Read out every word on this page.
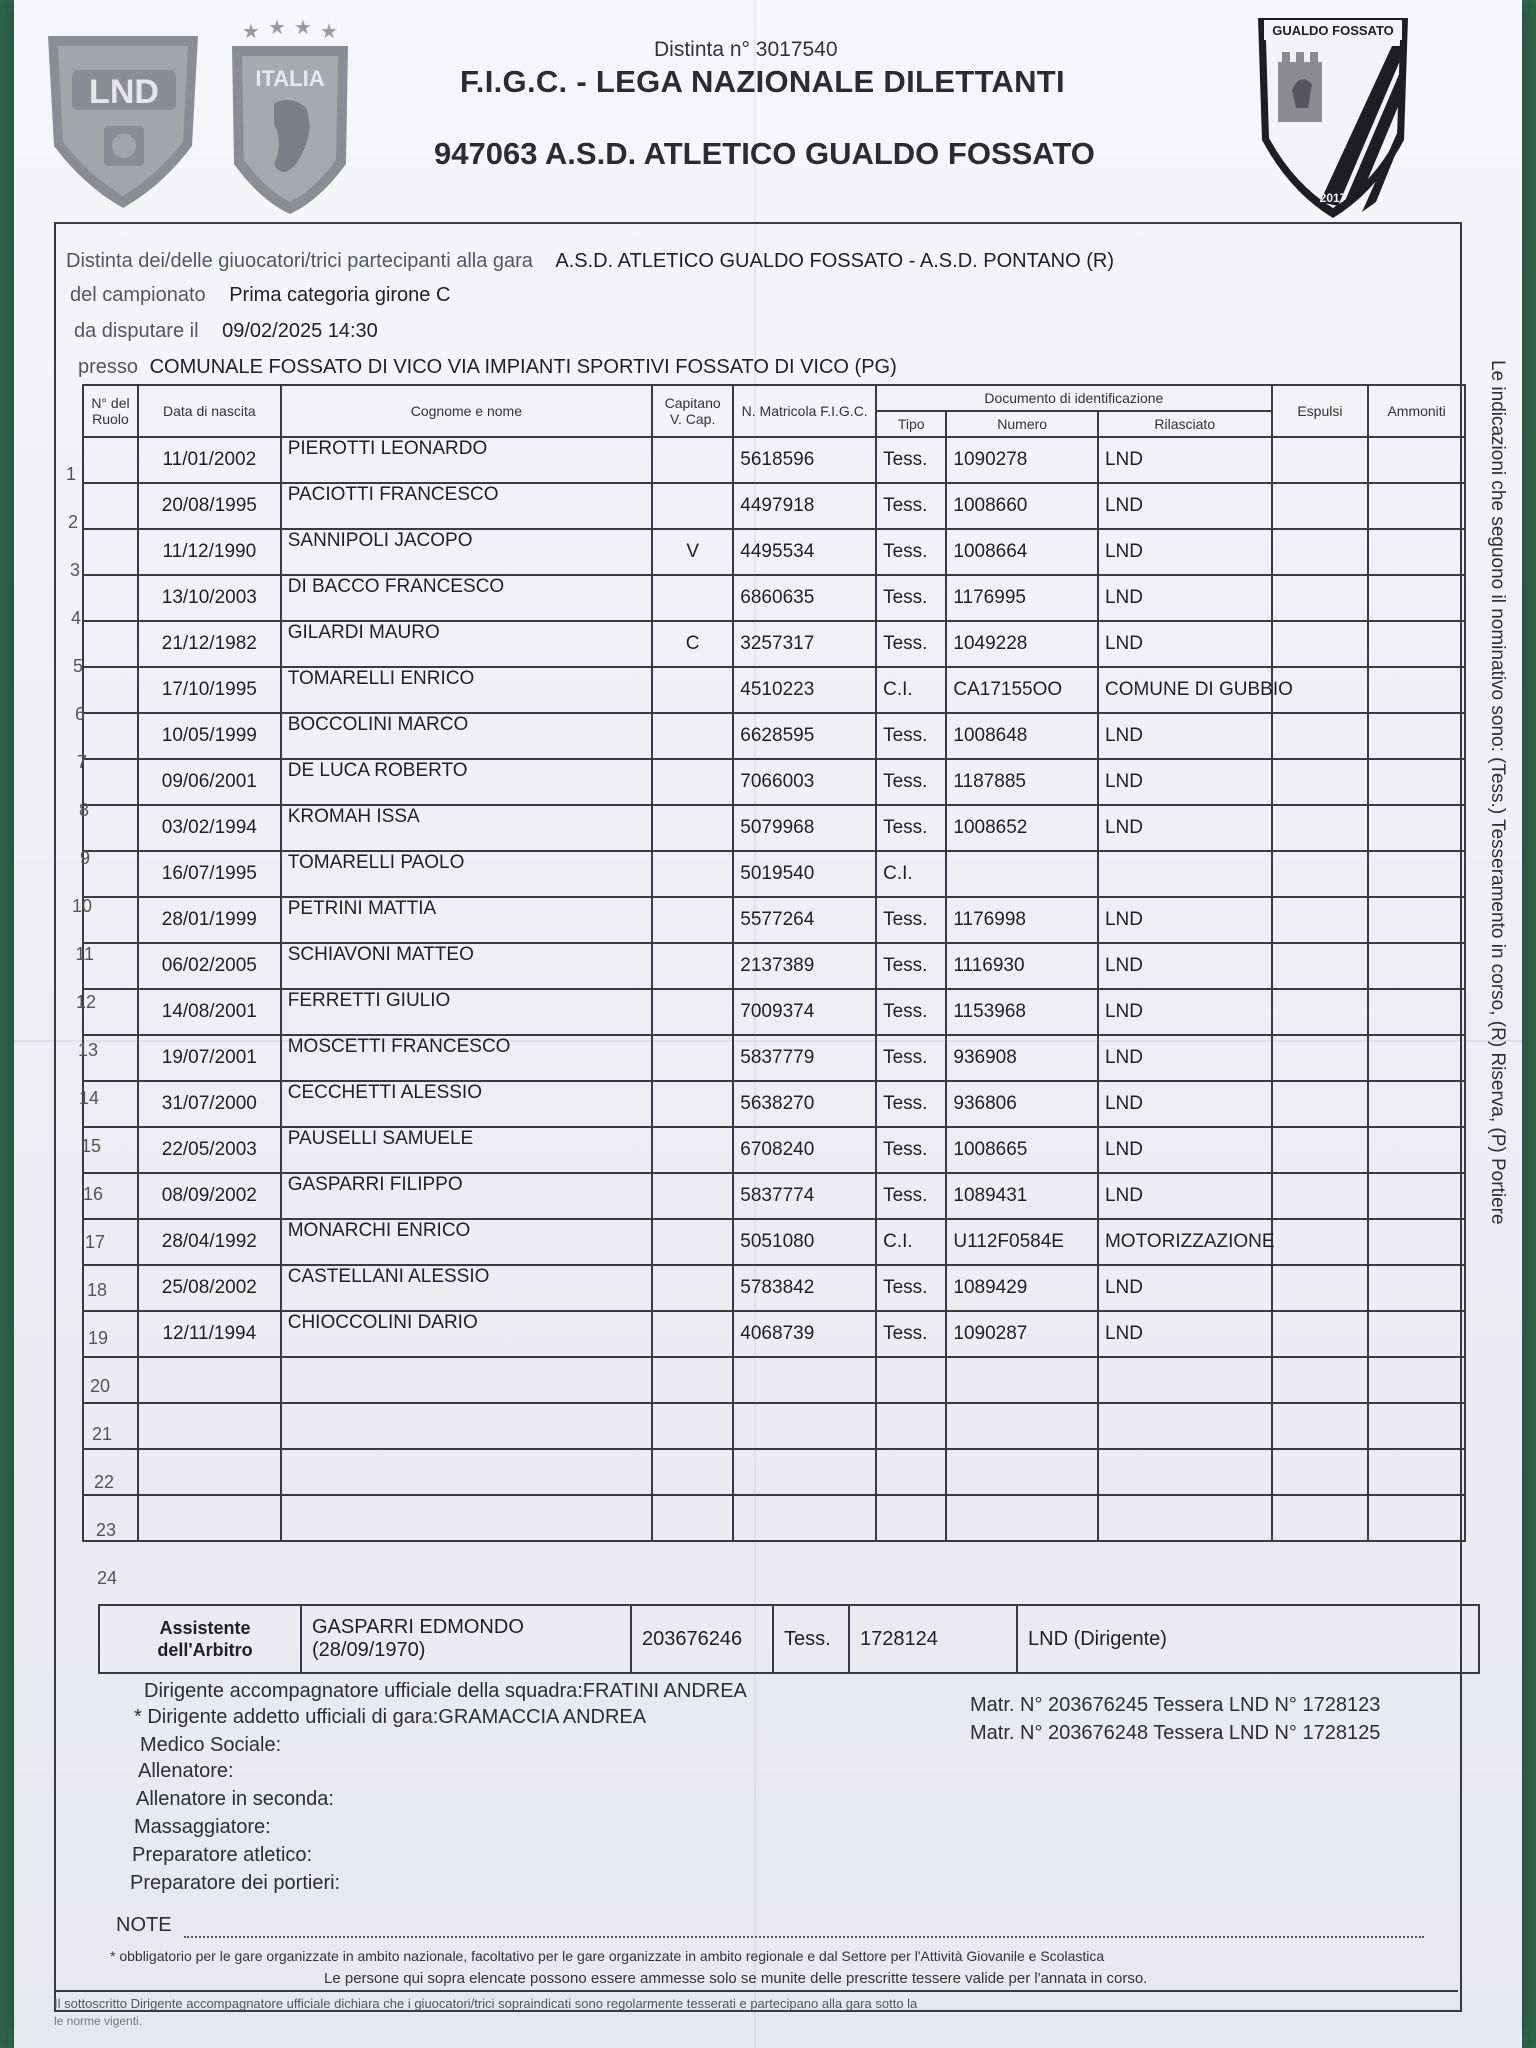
LND
★ ★ ★ ★
ITALIA
GUALDO FOSSATO
2017
Distinta n° 3017540
F.I.G.C. - LEGA NAZIONALE DILETTANTI
947063 A.S.D. ATLETICO GUALDO FOSSATO
Distinta dei/delle giuocatori/trici partecipanti alla gara A.S.D. ATLETICO GUALDO FOSSATO - A.S.D. PONTANO (R)
del campionato Prima categoria girone C
da disputare il 09/02/2025 14:30
presso COMUNALE FOSSATO DI VICO VIA IMPIANTI SPORTIVI FOSSATO DI VICO (PG)
N° del Ruolo	Data di nascita	Cognome e nome	Capitano V. Cap.	N. Matricola F.I.G.C.	Documento di identificazione			Espulsi	Ammoniti
					Tipo	Numero	Rilasciato		
	11/01/2002	PIEROTTI LEONARDO		5618596	Tess.	1090278	LND		
	20/08/1995	PACIOTTI FRANCESCO		4497918	Tess.	1008660	LND		
	11/12/1990	SANNIPOLI JACOPO	V	4495534	Tess.	1008664	LND		
	13/10/2003	DI BACCO FRANCESCO		6860635	Tess.	1176995	LND		
	21/12/1982	GILARDI MAURO	C	3257317	Tess.	1049228	LND		
	17/10/1995	TOMARELLI ENRICO		4510223	C.I.	CA17155OO	COMUNE DI GUBBIO		
	10/05/1999	BOCCOLINI MARCO		6628595	Tess.	1008648	LND		
	09/06/2001	DE LUCA ROBERTO		7066003	Tess.	1187885	LND		
	03/02/1994	KROMAH ISSA		5079968	Tess.	1008652	LND		
	16/07/1995	TOMARELLI PAOLO		5019540	C.I.				
	28/01/1999	PETRINI MATTIA		5577264	Tess.	1176998	LND		
	06/02/2005	SCHIAVONI MATTEO		2137389	Tess.	1116930	LND		
	14/08/2001	FERRETTI GIULIO		7009374	Tess.	1153968	LND		
	19/07/2001	MOSCETTI FRANCESCO		5837779	Tess.	936908	LND		
	31/07/2000	CECCHETTI ALESSIO		5638270	Tess.	936806	LND		
	22/05/2003	PAUSELLI SAMUELE		6708240	Tess.	1008665	LND		
	08/09/2002	GASPARRI FILIPPO		5837774	Tess.	1089431	LND		
	28/04/1992	MONARCHI ENRICO		5051080	C.I.	U112F0584E	MOTORIZZAZIONE		
	25/08/2002	CASTELLANI ALESSIO		5783842	Tess.	1089429	LND		
	12/11/1994	CHIOCCOLINI DARIO		4068739	Tess.	1090287	LND		

1
2
3
4
5
6
7
8
9
10
11
12
13
14
15
16
17
18
19
20
21
22
23
24
Assistente dell'Arbitro
GASPARRI EDMONDO (28/09/1970)
203676246	Tess.	1728124	LND (Dirigente)
Dirigente accompagnatore ufficiale della squadra:FRATINI ANDREA
* Dirigente addetto ufficiali di gara:GRAMACCIA ANDREA
Matr. N° 203676245 Tessera LND N° 1728123
Matr. N° 203676248 Tessera LND N° 1728125
Medico Sociale:
Allenatore:
Allenatore in seconda:
Massaggiatore:
Preparatore atletico:
Preparatore dei portieri:
NOTE
* obbligatorio per le gare organizzate in ambito nazionale, facoltativo per le gare organizzate in ambito regionale e dal Settore per l'Attività Giovanile e Scolastica
Le persone qui sopra elencate possono essere ammesse solo se munite delle prescritte tessere valide per l'annata in corso.
Il sottoscritto Dirigente accompagnatore ufficiale dichiara che i giuocatori/trici sopraindicati sono regolarmente tesserati e partecipano alla gara sotto la
le norme vigenti.
Le indicazioni che seguono il nominativo sono: (Tess.) Tesseramento in corso, (R) Riserva, (P) Portiere
